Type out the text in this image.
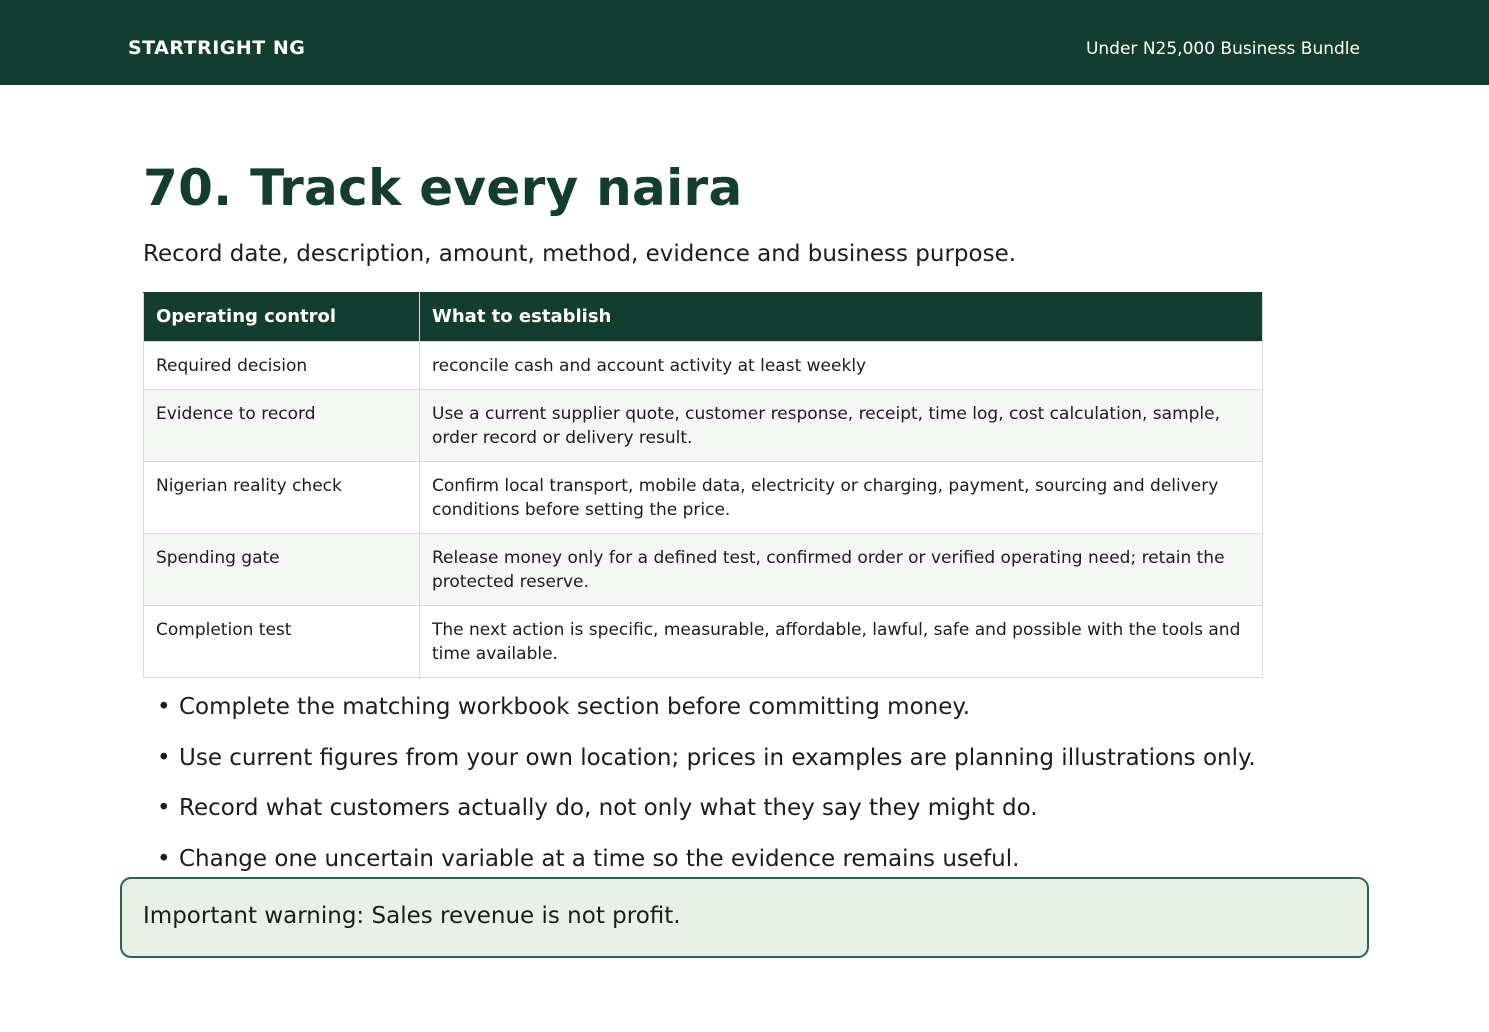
STARTRIGHT NG	Under N25,000 Business Bundle
70. Track every naira

Record date, description, amount, method, evidence and business purpose.

Operating control	What to establish
Required decision	reconcile cash and account activity at least weekly
Evidence to record	Use a current supplier quote, customer response, receipt, time log, cost calculation, sample, order record or delivery result.
Nigerian reality check	Confirm local transport, mobile data, electricity or charging, payment, sourcing and delivery conditions before setting the price.
Spending gate	Release money only for a defined test, confirmed order or verified operating need; retain the protected reserve.
Completion test	The next action is specific, measurable, affordable, lawful, safe and possible with the tools and time available.
• Complete the matching workbook section before committing money.
• Use current figures from your own location; prices in examples are planning illustrations only.
• Record what customers actually do, not only what they say they might do.
• Change one uncertain variable at a time so the evidence remains useful.
Important warning: Sales revenue is not profit.
